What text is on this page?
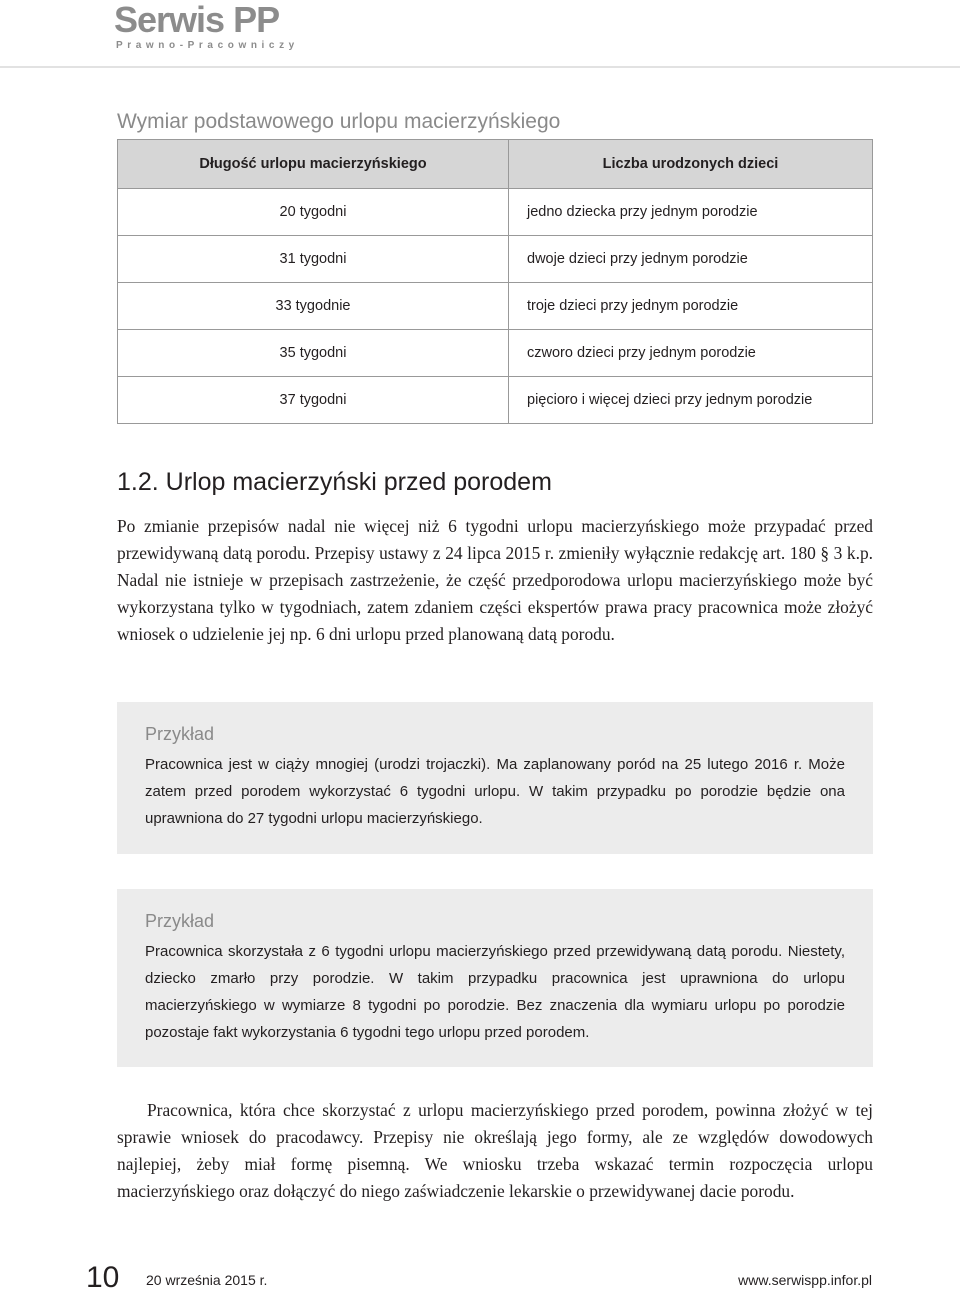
Serwis PP
Prawno-Pracowniczy
Wymiar podstawowego urlopu macierzyńskiego
Długość urlopu macierzyńskiego	Liczba urodzonych dzieci
20 tygodni	jedno dziecka przy jednym porodzie
31 tygodni	dwoje dzieci przy jednym porodzie
33 tygodnie	troje dzieci przy jednym porodzie
35 tygodni	czworo dzieci przy jednym porodzie
37 tygodni	pięcioro i więcej dzieci przy jednym porodzie
1.2. Urlop macierzyński przed porodem
Po zmianie przepisów nadal nie więcej niż 6 tygodni urlopu macierzyńskiego może przypadać przed przewidywaną datą porodu. Przepisy ustawy z 24 lipca 2015 r. zmieniły wyłącznie redakcję art. 180 § 3 k.p. Nadal nie istnieje w przepisach zastrzeżenie, że część przedporodowa urlopu macierzyńskiego może być wykorzystana tylko w tygodniach, zatem zdaniem części ekspertów prawa pracy pracownica może złożyć wniosek o udzielenie jej np. 6 dni urlopu przed planowaną datą porodu.
Przykład
Pracownica jest w ciąży mnogiej (urodzi trojaczki). Ma zaplanowany poród na 25 lutego 2016 r. Może zatem przed porodem wykorzystać 6 tygodni urlopu. W takim przypadku po porodzie będzie ona uprawniona do 27 tygodni urlopu macierzyńskiego.
Przykład
Pracownica skorzystała z 6 tygodni urlopu macierzyńskiego przed przewidywaną datą porodu. Niestety, dziecko zmarło przy porodzie. W takim przypadku pracownica jest uprawniona do urlopu macierzyńskiego w wymiarze 8 tygodni po porodzie. Bez znaczenia dla wymiaru urlopu po porodzie pozostaje fakt wykorzystania 6 tygodni tego urlopu przed porodem.
Pracownica, która chce skorzystać z urlopu macierzyńskiego przed porodem, powinna złożyć w tej sprawie wniosek do pracodawcy. Przepisy nie określają jego formy, ale ze względów dowodowych najlepiej, żeby miał formę pisemną. We wniosku trzeba wskazać termin rozpoczęcia urlopu macierzyńskiego oraz dołączyć do niego zaświadczenie lekarskie o przewidywanej dacie porodu.
10 20 września 2015 r.	www.serwispp.infor.pl
